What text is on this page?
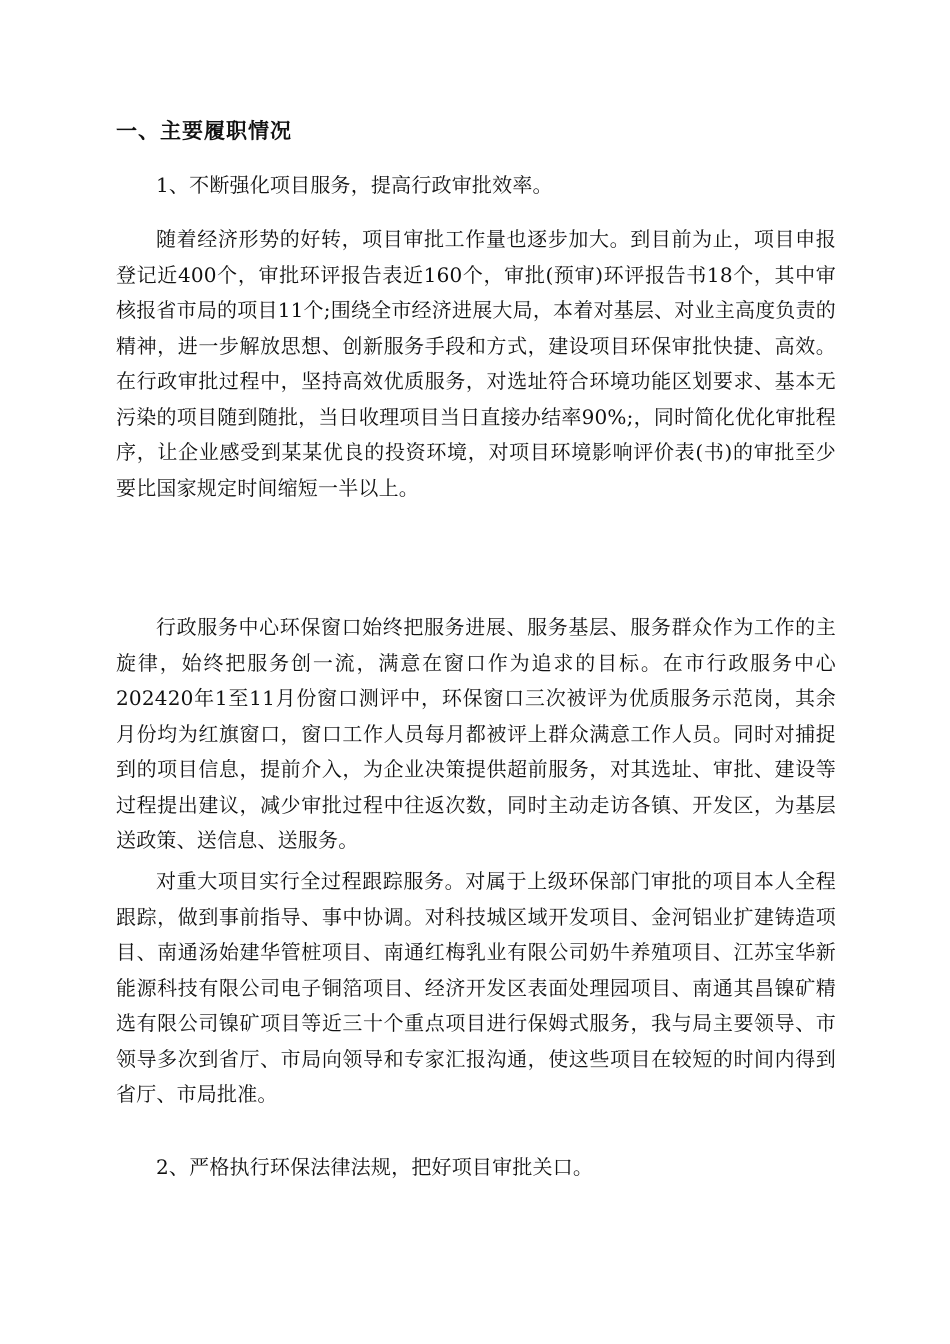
一、主要履职情况

1、不断强化项目服务，提高行政审批效率。

随着经济形势的好转，项目审批工作量也逐步加大。到目前为止，项目申报登记近400个，审批环评报告表近160个，审批(预审)环评报告书18个，其中审核报省市局的项目11个;围绕全市经济进展大局，本着对基层、对业主高度负责的精神，进一步解放思想、创新服务手段和方式，建设项目环保审批快捷、高效。在行政审批过程中，坚持高效优质服务，对选址符合环境功能区划要求、基本无污染的项目随到随批，当日收理项目当日直接办结率90%;，同时简化优化审批程序，让企业感受到某某优良的投资环境，对项目环境影响评价表(书)的审批至少要比国家规定时间缩短一半以上。

行政服务中心环保窗口始终把服务进展、服务基层、服务群众作为工作的主旋律，始终把服务创一流，满意在窗口作为追求的目标。在市行政服务中心202420年1至11月份窗口测评中，环保窗口三次被评为优质服务示范岗，其余月份均为红旗窗口，窗口工作人员每月都被评上群众满意工作人员。同时对捕捉到的项目信息，提前介入，为企业决策提供超前服务，对其选址、审批、建设等过程提出建议，减少审批过程中往返次数，同时主动走访各镇、开发区，为基层送政策、送信息、送服务。

对重大项目实行全过程跟踪服务。对属于上级环保部门审批的项目本人全程跟踪，做到事前指导、事中协调。对科技城区域开发项目、金河铝业扩建铸造项目、南通汤始建华管桩项目、南通红梅乳业有限公司奶牛养殖项目、江苏宝华新能源科技有限公司电子铜箔项目、经济开发区表面处理园项目、南通其昌镍矿精选有限公司镍矿项目等近三十个重点项目进行保姆式服务，我与局主要领导、市领导多次到省厅、市局向领导和专家汇报沟通，使这些项目在较短的时间内得到省厅、市局批准。

2、严格执行环保法律法规，把好项目审批关口。
